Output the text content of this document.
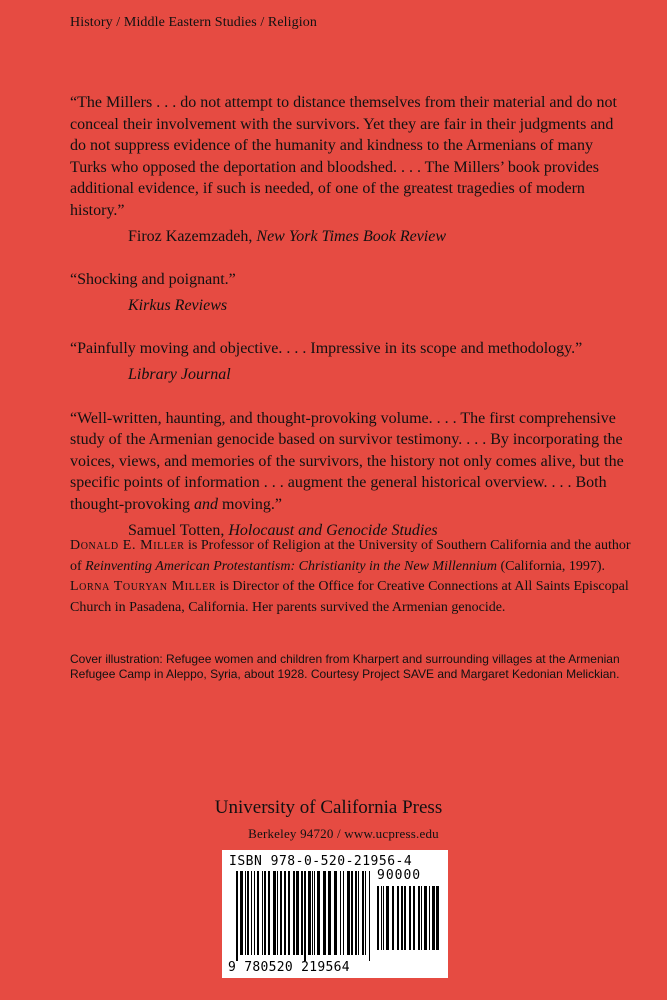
History / Middle Eastern Studies / Religion

“The Millers . . . do not attempt to distance themselves from their material and do not conceal their involvement with the survivors. Yet they are fair in their judgments and do not suppress evidence of the humanity and kindness to the Armenians of many Turks who opposed the deportation and bloodshed. . . . The Millers’ book provides additional evidence, if such is needed, of one of the greatest tragedies of modern history.”

Firoz Kazemzadeh, New York Times Book Review

“Shocking and poignant.”

Kirkus Reviews

“Painfully moving and objective. . . . Impressive in its scope and methodology.”

Library Journal

“Well-written, haunting, and thought-provoking volume. . . . The first comprehensive study of the Armenian genocide based on survivor testimony. . . . By incorporating the voices, views, and memories of the survivors, the history not only comes alive, but the specific points of information . . . augment the general historical overview. . . . Both thought-provoking and moving.”

Samuel Totten, Holocaust and Genocide Studies

Donald E. Miller is Professor of Religion at the University of Southern California and the author of Reinventing American Protestantism: Christianity in the New Millennium (California, 1997). Lorna Touryan Miller is Director of the Office for Creative Connections at All Saints Episcopal Church in Pasadena, California. Her parents survived the Armenian genocide.
Cover illustration: Refugee women and children from Kharpert and surrounding villages at the Armenian Refugee Camp in Aleppo, Syria, about 1928. Courtesy Project SAVE and Margaret Kedonian Melickian.
University of California Press
Berkeley 94720 / www.ucpress.edu
ISBN 978-0-520-21956-4
90000
9 780520 219564
